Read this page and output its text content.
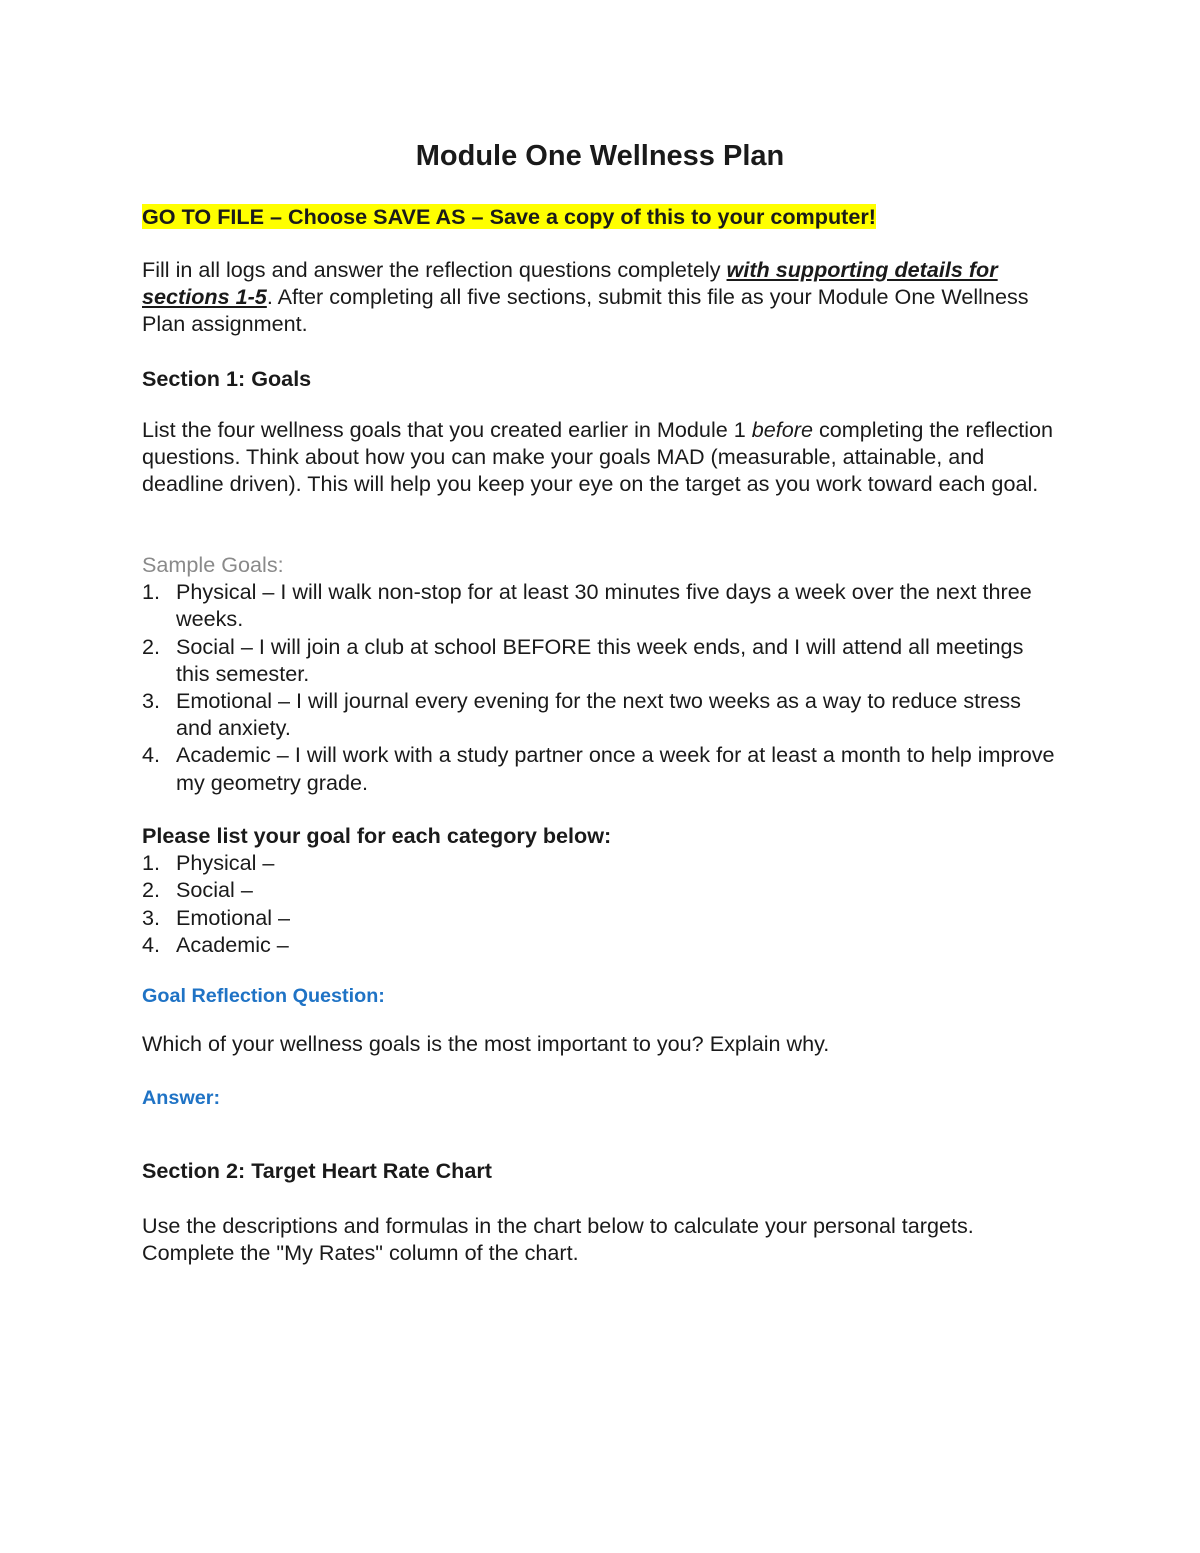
Module One Wellness Plan
GO TO FILE – Choose SAVE AS – Save a copy of this to your computer!
Fill in all logs and answer the reflection questions completely with supporting details for sections 1-5. After completing all five sections, submit this file as your Module One Wellness Plan assignment.
Section 1: Goals
List the four wellness goals that you created earlier in Module 1 before completing the reflection questions. Think about how you can make your goals MAD (measurable, attainable, and deadline driven). This will help you keep your eye on the target as you work toward each goal.
Sample Goals:
1. Physical – I will walk non-stop for at least 30 minutes five days a week over the next three weeks.
2. Social – I will join a club at school BEFORE this week ends, and I will attend all meetings this semester.
3. Emotional – I will journal every evening for the next two weeks as a way to reduce stress and anxiety.
4. Academic – I will work with a study partner once a week for at least a month to help improve my geometry grade.
Please list your goal for each category below:
1. Physical –
2. Social –
3. Emotional –
4. Academic –
Goal Reflection Question:
Which of your wellness goals is the most important to you? Explain why.
Answer:
Section 2: Target Heart Rate Chart
Use the descriptions and formulas in the chart below to calculate your personal targets. Complete the "My Rates" column of the chart.
